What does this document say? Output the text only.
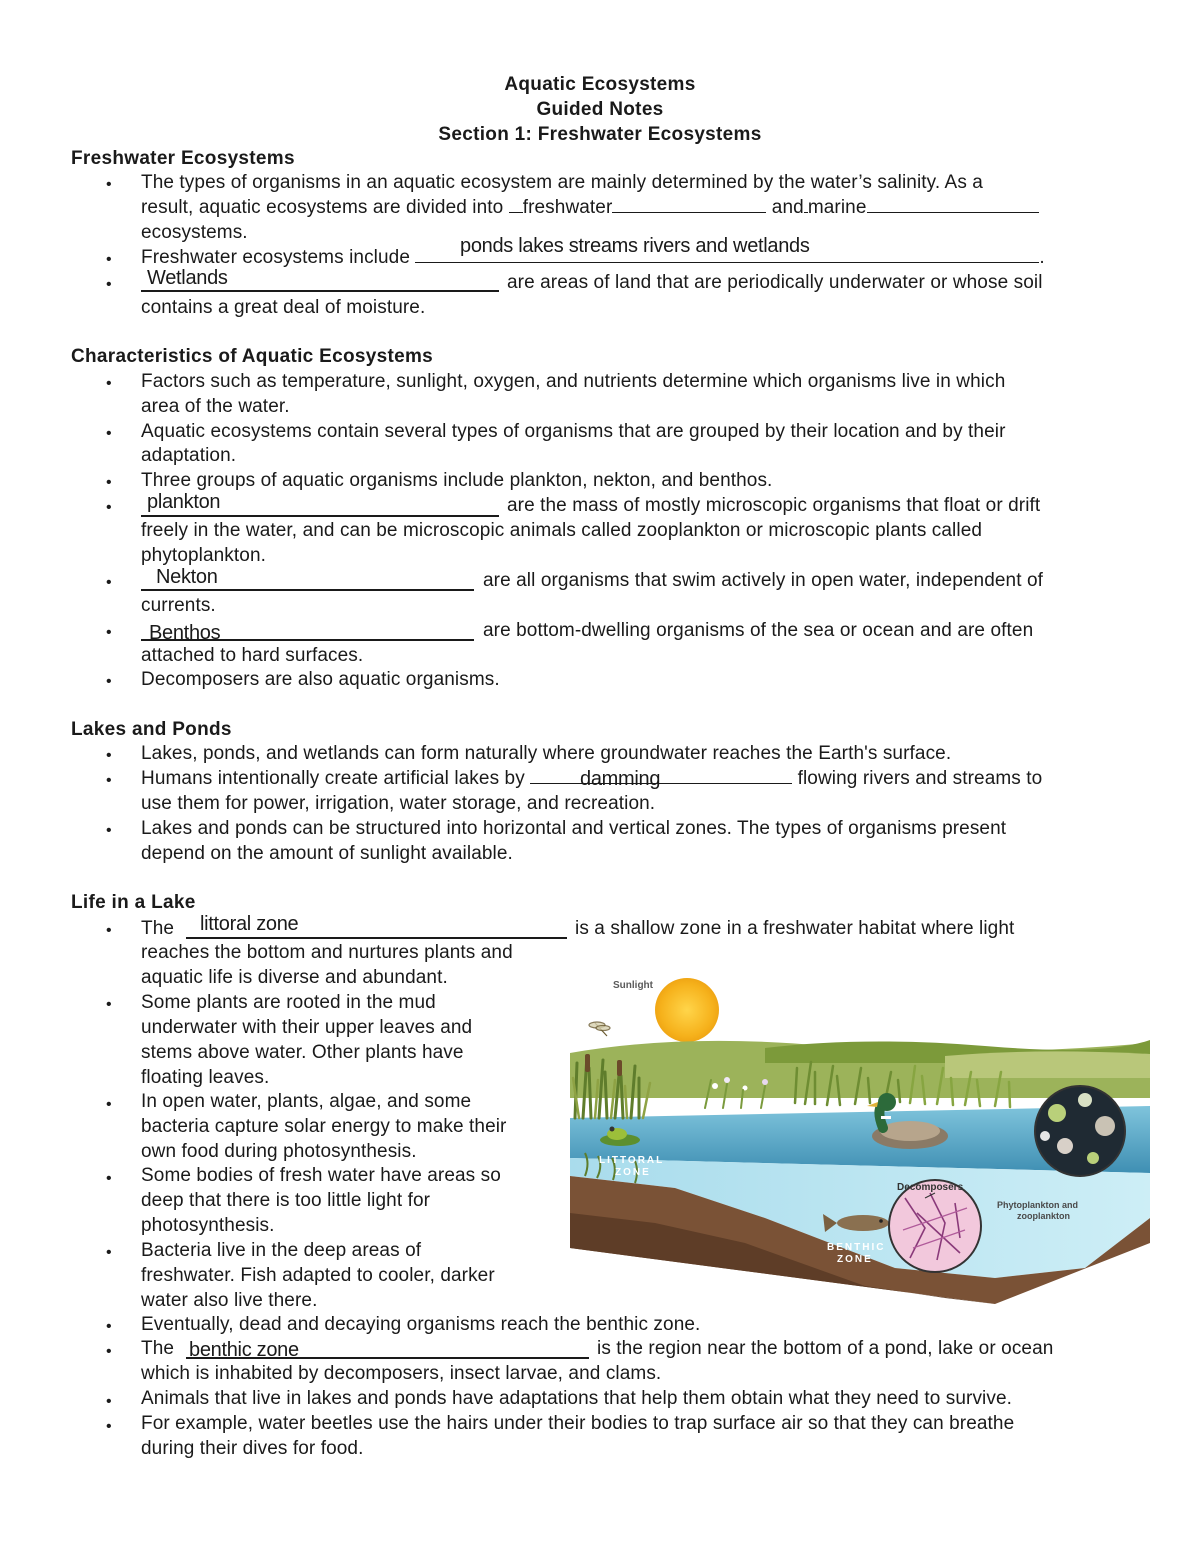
Aquatic Ecosystems
Guided Notes
Section 1: Freshwater Ecosystems
Freshwater Ecosystems
• The types of organisms in an aquatic ecosystem are mainly determined by the water’s salinity. As a
result, aquatic ecosystems are divided into freshwater	and marine
ecosystems.
• Freshwater ecosystems include	.
ponds lakes streams rivers and wetlands
• Wetlands	are areas of land that are periodically underwater or whose soil
contains a great deal of moisture.
Characteristics of Aquatic Ecosystems
• Factors such as temperature, sunlight, oxygen, and nutrients determine which organisms live in which
area of the water.
• Aquatic ecosystems contain several types of organisms that are grouped by their location and by their
adaptation.
• Three groups of aquatic organisms include plankton, nekton, and benthos.
• plankton	are the mass of mostly microscopic organisms that float or drift
freely in the water, and can be microscopic animals called zooplankton or microscopic plants called
phytoplankton.
• Nekton	are all organisms that swim actively in open water, independent of
currents.
• Benthos	are bottom-dwelling organisms of the sea or ocean and are often
attached to hard surfaces.
• Decomposers are also aquatic organisms.
Lakes and Ponds
• Lakes, ponds, and wetlands can form naturally where groundwater reaches the Earth's surface.
• Humans intentionally create artificial lakes by	flowing rivers and streams to
damming
use them for power, irrigation, water storage, and recreation.
• Lakes and ponds can be structured into horizontal and vertical zones. The types of organisms present
depend on the amount of sunlight available.
Life in a Lake
• The littoral zone	is a shallow zone in a freshwater habitat where light
reaches the bottom and nurtures plants and
aquatic life is diverse and abundant.
• Some plants are rooted in the mud
underwater with their upper leaves and
stems above water. Other plants have
floating leaves.
• In open water, plants, algae, and some
bacteria capture solar energy to make their
own food during photosynthesis.
• Some bodies of fresh water have areas so
deep that there is too little light for
photosynthesis.
• Bacteria live in the deep areas of
freshwater. Fish adapted to cooler, darker
water also live there.
• Eventually, dead and decaying organisms reach the benthic zone.
• The benthic zone	is the region near the bottom of a pond, lake or ocean
which is inhabited by decomposers, insect larvae, and clams.
• Animals that live in lakes and ponds have adaptations that help them obtain what they need to survive.
• For example, water beetles use the hairs under their bodies to trap surface air so that they can breathe
during their dives for food.
Sunlight
Decomposers
Phytoplankton and
zooplankton
LITTORAL
ZONE
BENTHIC
ZONE
